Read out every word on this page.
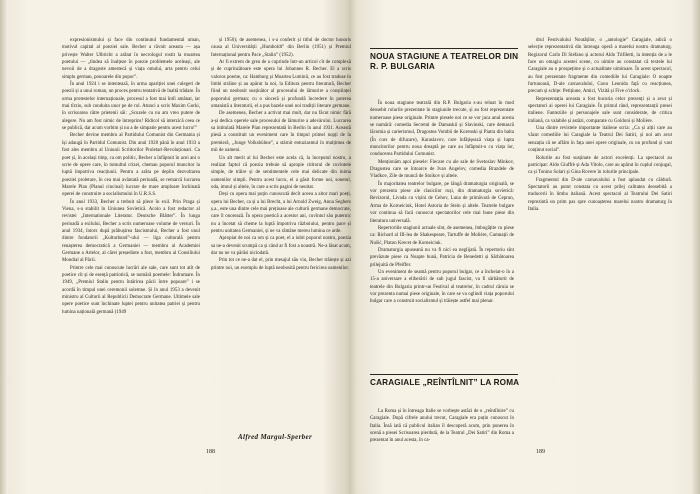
expresionismului și face din continutul fundamental uman, motivul capital al poeziei sale. Becher a râvnit aceasta — așa privește Walter Ulbricht a arătat în necrologul rostit la moartea poetului — „tîndea să înalțeze în poezie problemele aceleași, ale nevoii de a dragoste amestecă și viața omului, arta pentru celui simplu german, ponoarele din popor”.

În anul 1924 i se intentează, în urma apariției unei culegeri de poezii și a unui roman, un proces pentru tentativă de înaltă trădare. În urma protestelor internaționale, procesul a fost mai întîi amânat, iar mai tîrziu, sub conduita unor pe de rol. Atunci a scris Maxim Gorki, în scrisoarea către prietenii săi: „Scuzele cu nu am vreo putere de alegere. Nu am fost nimic de întreprins! Ridicol să interzică ceea ce se publică, dar acum vorbim și nu a de simpatie pentru acest lucru!”

Becher devine membru al Partidului Comunist din Germania și își adaugă în Partidul Comunist. Din anul 1928 până în anul 1933 a fost ales membru al Uniunii Scriitorilor Proletari-Revoluționari. Ca poet și, în același timp, ca om politic, Becher a înfăptuit în acei ani o scrie de opere care, în tumultul crizei, chemau poporul muncitor la luptă împotriva reacțiunii. Pentru a arăta pe deplin dezvoltarea poeziei proletare, în cea mai avântată perioadă, se remarcă lucrarea Marele Plan (Planul cincinal) lucrare de mare amploare închinată operei de construire a socialismului în U.R.S.S.

În anul 1933, Becher a trebuit să plece în exil. Prin Praga și Viena, s-a stabilit în Uniunea Sovietică. Acolo a fost redactor al revistei „Internationale Literatur. Deutsche Blätter”. În lunga perioadă a exilului, Becher a scris numeroase volume de versuri. În anul 1934, întors după prăbușirea fascismului, Becher a fost unul dintre fondatorii „Kulturbund”-ului — liga culturală pentru renașterea democratică a Germaniei — membru al Academiei Germane a Artelor, al cărei președinte a fost, membru al Consiliului Mondial al Păcii.

Printre cele mai cunoscute lucrări ale sale, care sunt tot atît de poetice cît și de esență patriotică, se numără poemele: Îndrumare. În 1949, „Premiul Stalin pentru întărirea păcii între popoare” i se acordă în timpul unei ceremonii solemne. Și în anul 1953 a devenit ministru al Culturii al Republicii Democrate Germane. Ultimele sale opere poetice sunt închinate luptei pentru unitatea patriei și pentru lumina națională germană (1949

și 1950); de asemenea, i s-a conferit și titlul de doctor honoris causa al Universității „Humboldt” din Berlin (1951) și Premiul Internațional pentru Pace „Stalin” (1952).

Ar fi extrem de greu de a cuprinde într-un articol cît de complexă și de cuprinzătoare este opera lui Johannes R. Becher. El a scris valoros poeme, ca: Hamburg și Moartea Luminii, ce au fost traduse în limbi străine și au apărut la noi, la Editura pentru literatură, Becher fiind un neobosit susținător al procesului de lămurire a conștiinței poporului german; cu o sinceră și profundă încredere în puterea umanistă a literaturii, el a pus bazele unei noi tradiții literare germane.

De asemenea, Becher a activat mai mult, dar nu făcut nimic fără a-și dedica operele sale procesului de lămurire a adevărului. Lucrarea sa intitulată Marele Plan reprezentată în Berlin în anul 1931. Această piesă a constituit un eveniment care în timpul primei nopți de la premieră, ,,Junge Volksbühne”, a stârnit entuziasmul în mulțimea de mii de oameni.

Un alt merit al lui Becher este acela că, la începutul nostru, a realizat faptul că poezia trebuie să apropie cititorul de cuvintele simple, de trăire și de sentimentele cele mai delicate din inima oamenilor simpli. Pentru acest lucru, el a găsit forme noi, sonetul, oda, imnul și altele, în care a scris pagini de neuitat.

Deși cu opera mai puțin cunoscută decît aceea a altor mari poeți, opera lui Becher, ca și a lui Brecht, a lui Arnold Zweig, Anna Seghers ș.a., este una dintre cele mai prețioase ale culturii germane democrate, care îl onorează. În opera poetică a acestor ani, cuvîntul său puternic nu a încetat să cheme la luptă împotriva războiului, pentru pace și pentru unitatea Germaniei, și ne va rămâne mereu lumina ce arde.

Apropiat de noi ca om și ca poet, el a iubit poporul nostru, poezia sa ne-a devenit scumpă ca și când ar fi fost a noastră. Ne-a lăsat acum, dar nu ne va părăsi niciodată.

Prin tot ce ne-a dat el, prin mesajul său viu, Becher trăiește și azi printre noi, un exemplu de luptă neobosită pentru fericirea oamenilor.

Alfred Margul-Sperber
188
NOUA STAGIUNE A TEATRELOR DIN R. P. BULGARIA

În noua stagiune teatrală din R.P. Bulgaria s-au reluat în mod deosebit rolurile prezentate în stagiunile trecute, și au fost reprezentate numeroase piese originale. Printre piesele noi ce se vor juca anul acesta se numără: comedia Secretul de Damaskii și Slavinski, care demască lăcomia și carierismul, Dragostea Vombii de Korenski și Piatra din balta (În curs de difuzare), Karaslavov, care înfățișează viața și lupta muncitorilor pentru noua dreaptă pe care au înfăptuit-o cu viața lor, conducerea Partidului Comunist.

Menționăm apoi piesele: Fiecare cu ale sale de Svetoslav Minkov, Dragostea care se întoarce de Ivan Angelov, comedia Brazdele de Vladkov, Zile de muncă de Stoikov și altele.

În majoritatea teatrelor bulgare, pe lângă dramaturgia originală, se vor prezenta piese ale clasicilor ruși, din dramaturgia sovietică: Revizorul, Livada cu vișini de Cehov, Luna de primăvară de Ceprun, Arma de Korneiciuk, Hotel Astoria de Stein și altele. Teatrele bulgare vor continua să facă cunoscut spectatorilor cele mai bune piese din literatura universală.

Repertoriile stagiunii actuale sînt, de asemenea, îmbogățite cu piese ca: Richard al III-lea de Shakespeare, Tartuffe de Molière, Cumnații de Nušić, Platon Krecet de Korneiciuk.

Dramaturgia apuseană nu va fi nici ea neglijată. În repertoriu sînt prevăzute piese ca Noapte bună, Patricia de Benedetti și Sărbătoarea prilejuită de Pfeiffer.

Un eveniment de seamă pentru poporul bulgar, ce a încheiat-o în a 15-a aniversare a eliberării de sub jugul fascist, va fi sărbătorit de teatrele din Bulgaria printr-un Festival al teatrelor, în cadrul căruia se vor prezenta numai piese originale, în care se va oglindi viața poporului bulgar care a construit socialismul și trăiește astfel mai plenar.

CARAGIALE „REÎNTÎLNIT” LA ROMA

La Roma și în întreaga Italie se vorbește astăzi de o „reîntîlnire” cu Caragiale. După cifrele anului trecut, Caragiale era puțin cunoscut în Italia. Însă iată că publicul italian îl descoperă acum, prin punerea în scenă a piesei Scrisoarea pierdută, de la Teatrul „Dei Satiri” din Roma a prezentat în anul acesta, în ca-

drul Festivalului Noutăților, o „antologie” Caragiale, adică o selecție reprezentativă din întreaga operă a marelui nostru dramaturg. Regizorul Carlo Di Stefano și actorul Aldo Trifiletti, la intenția de a le face un omagiu acestei scene, cu uimire au constatat că textele lui Caragiale au o prospețime și o actualitate uimitoare. În acest spectacol, au fost prezentate fragmente din comediile lui Caragiale: O noapte furtunoasă, D-ale carnavalului, Conu Leonida față cu reacțiunea, precum și schițe: Petițiune, Amici, Vizită și Five o'clock.

Reprezentația aceasta a fost bucuria celor prezenți și a avut și spectatori ai operei lui Caragiale. În primul rând, reprezentanții presei italiene. Fanteziile și personajele sale sunt considerate, de critica italiană, ca valabile și astăzi, comparate cu Goldoni și Molière.

Una dintre revistele importante italiene scria: „Ca și alții care au văzut comediile lui Caragiale la Teatrul Dei Satiri, și noi am avut senzația că ne aflăm în fața unei opere originale, cu un profund și vast conținut social”.

Rolurile au fost susținute de actori excelenți. La spectacol au participat: Aldo Giuffrè și Ada Vitolo, care au apărut în cuplul conjugal, ca și Tonino Solari și Gina Rovere în rolurile principale.

Fragmentul din D-ale carnavalului a fost aplaudat cu căldură. Spectatorii au putut constata cu acest prilej calitatea deosebită a traducerii în limba italiană. Acest spectacol al Teatrului Dei Satiri reprezintă un prim pas spre cunoașterea marelui nostru dramaturg în Italia.

189
